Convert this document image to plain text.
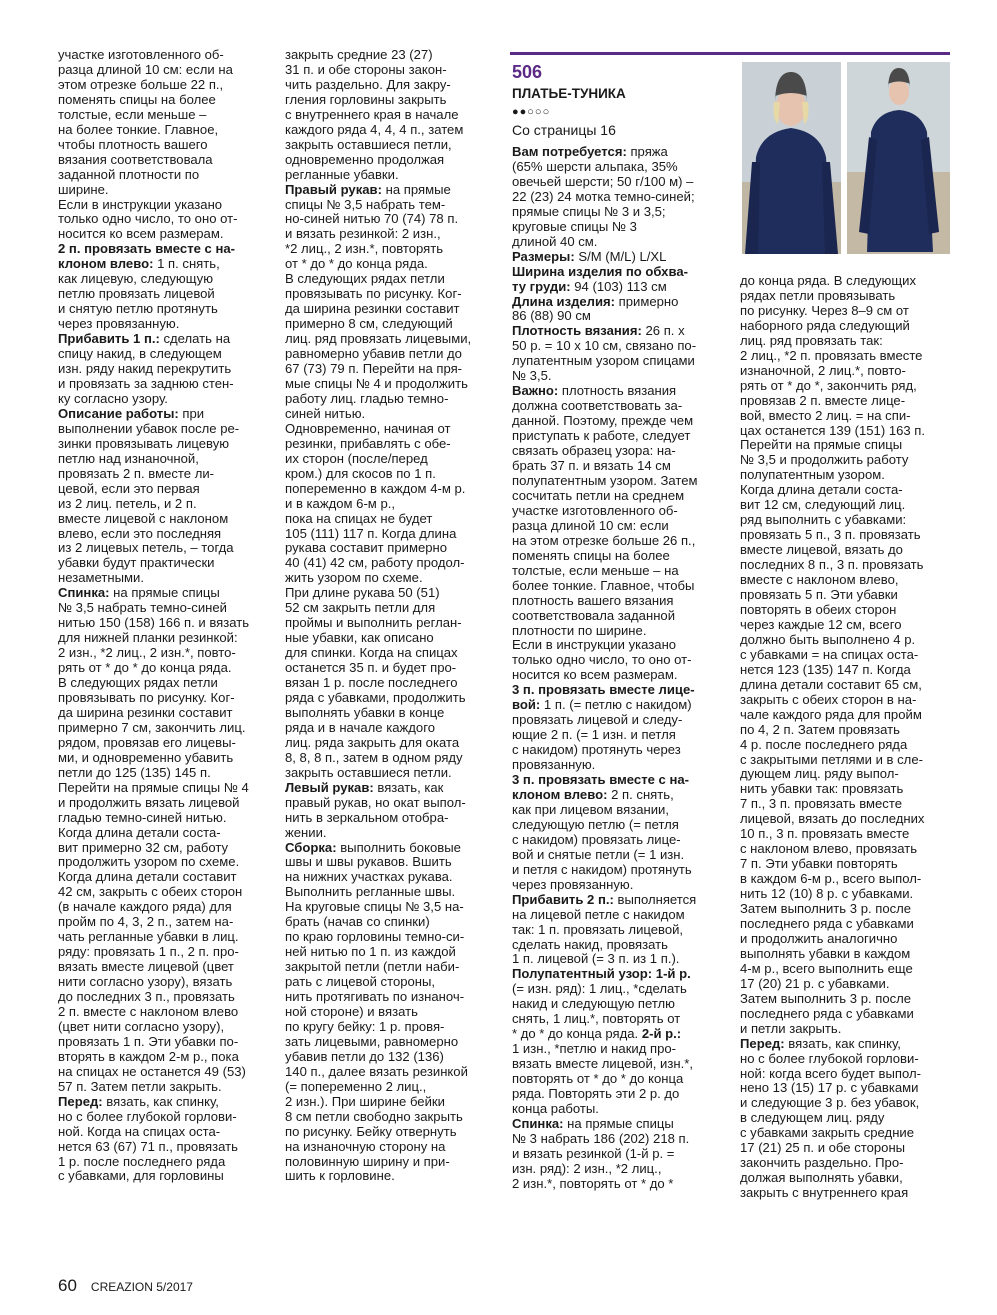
участке изготовленного об-
разца длиной 10 см: если на
этом отрезке больше 22 п.,
поменять спицы на более
толстые, если меньше –
на более тонкие. Главное,
чтобы плотность вашего
вязания соответствовала
заданной плотности по
ширине.
Если в инструкции указано
только одно число, то оно от-
носится ко всем размерам.

2 п. провязать вместе с на-
клоном влево: 1 п. снять,
как лицевую, следующую
петлю провязать лицевой
и снятую петлю протянуть
через провязанную.

Прибавить 1 п.: сделать на
спицу накид, в следующем
изн. ряду накид перекрутить
и провязать за заднюю стен-
ку согласно узору.

Описание работы: при
выполнении убавок после ре-
зинки провязывать лицевую
петлю над изнаночной,
провязать 2 п. вместе ли-
цевой, если это первая
из 2 лиц. петель, и 2 п.
вместе лицевой с наклоном
влево, если это последняя
из 2 лицевых петель, – тогда
убавки будут практически
незаметными.

Спинка: на прямые спицы
№ 3,5 набрать темно-синей
нитью 150 (158) 166 п. и вязать
для нижней планки резинкой:
2 изн., *2 лиц., 2 изн.*, повто-
рять от * до * до конца ряда.
В следующих рядах петли
провязывать по рисунку. Ког-
да ширина резинки составит
примерно 7 см, закончить лиц.
рядом, провязав его лицевы-
ми, и одновременно убавить
петли до 125 (135) 145 п.
Перейти на прямые спицы № 4
и продолжить вязать лицевой
гладью темно-синей нитью.
Когда длина детали соста-
вит примерно 32 см, работу
продолжить узором по схеме.
Когда длина детали составит
42 см, закрыть с обеих сторон
(в начале каждого ряда) для
пройм по 4, 3, 2 п., затем на-
чать регланные убавки в лиц.
ряду: провязать 1 п., 2 п. про-
вязать вместе лицевой (цвет
нити согласно узору), вязать
до последних 3 п., провязать
2 п. вместе с наклоном влево
(цвет нити согласно узору),
провязать 1 п. Эти убавки по-
вторять в каждом 2-м р., пока
на спицах не останется 49 (53)
57 п. Затем петли закрыть.

Перед: вязать, как спинку,
но с более глубокой горлови-
ной. Когда на спицах оста-
нется 63 (67) 71 п., провязать
1 р. после последнего ряда
с убавками, для горловины

закрыть средние 23 (27)
31 п. и обе стороны закон-
чить раздельно. Для закру-
гления горловины закрыть
с внутреннего края в начале
каждого ряда 4, 4, 4 п., затем
закрыть оставшиеся петли,
одновременно продолжая
регланные убавки.

Правый рукав: на прямые
спицы № 3,5 набрать тем-
но-синей нитью 70 (74) 78 п.
и вязать резинкой: 2 изн.,
*2 лиц., 2 изн.*, повторять
от * до * до конца ряда.
В следующих рядах петли
провязывать по рисунку. Ког-
да ширина резинки составит
примерно 8 см, следующий
лиц. ряд провязать лицевыми,
равномерно убавив петли до
67 (73) 79 п. Перейти на пря-
мые спицы № 4 и продолжить
работу лиц. гладью темно-
синей нитью.
Одновременно, начиная от
резинки, прибавлять с обе-
их сторон (после/перед
кром.) для скосов по 1 п.
попеременно в каждом 4-м р.
и в каждом 6-м р.,
пока на спицах не будет
105 (111) 117 п. Когда длина
рукава составит примерно
40 (41) 42 см, работу продол-
жить узором по схеме.
При длине рукава 50 (51)
52 см закрыть петли для
проймы и выполнить реглан-
ные убавки, как описано
для спинки. Когда на спицах
останется 35 п. и будет про-
вязан 1 р. после последнего
ряда с убавками, продолжить
выполнять убавки в конце
ряда и в начале каждого
лиц. ряда закрыть для оката
8, 8, 8 п., затем в одном ряду
закрыть оставшиеся петли.

Левый рукав: вязать, как
правый рукав, но окат выпол-
нить в зеркальном отобра-
жении.

Сборка: выполнить боковые
швы и швы рукавов. Вшить
на нижних участках рукава.
Выполнить регланные швы.
На круговые спицы № 3,5 на-
брать (начав со спинки)
по краю горловины темно-си-
ней нитью по 1 п. из каждой
закрытой петли (петли наби-
рать с лицевой стороны,
нить протягивать по изнаноч-
ной стороне) и вязать
по кругу бейку: 1 р. провя-
зать лицевыми, равномерно
убавив петли до 132 (136)
140 п., далее вязать резинкой
(= попеременно 2 лиц.,
2 изн.). При ширине бейки
8 см петли свободно закрыть
по рисунку. Бейку отвернуть
на изнаночную сторону на
половинную ширину и при-
шить к горловине.

506
ПЛАТЬЕ-ТУНИКА
●●○○○
Со страницы 16

Вам потребуется: пряжа
(65% шерсти альпака, 35%
овечьей шерсти; 50 г/100 м) –
22 (23) 24 мотка темно-синей;
прямые спицы № 3 и 3,5;
круговые спицы № 3
длиной 40 см.

Размеры: S/M (M/L) L/XL

Ширина изделия по обхва-
ту груди: 94 (103) 113 см

Длина изделия: примерно
86 (88) 90 см

Плотность вязания: 26 п. х
50 р. = 10 х 10 см, связано по-
лупатентным узором спицами
№ 3,5.

Важно: плотность вязания
должна соответствовать за-
данной. Поэтому, прежде чем
приступать к работе, следует
связать образец узора: на-
брать 37 п. и вязать 14 см
полупатентным узором. Затем
сосчитать петли на среднем
участке изготовленного об-
разца длиной 10 см: если
на этом отрезке больше 26 п.,
поменять спицы на более
толстые, если меньше – на
более тонкие. Главное, чтобы
плотность вашего вязания
соответствовала заданной
плотности по ширине.
Если в инструкции указано
только одно число, то оно от-
носится ко всем размерам.

3 п. провязать вместе лице-
вой: 1 п. (= петлю с накидом)
провязать лицевой и следу-
ющие 2 п. (= 1 изн. и петля
с накидом) протянуть через
провязанную.

3 п. провязать вместе с на-
клоном влево: 2 п. снять,
как при лицевом вязании,
следующую петлю (= петля
с накидом) провязать лице-
вой и снятые петли (= 1 изн.
и петля с накидом) протянуть
через провязанную.

Прибавить 2 п.: выполняется
на лицевой петле с накидом
так: 1 п. провязать лицевой,
сделать накид, провязать
1 п. лицевой (= 3 п. из 1 п.).

Полупатентный узор: 1-й р.
(= изн. ряд): 1 лиц., *сделать
накид и следующую петлю
снять, 1 лиц.*, повторять от
* до * до конца ряда. 2-й р.:
1 изн., *петлю и накид про-
вязать вместе лицевой, изн.*,
повторять от * до * до конца
ряда. Повторять эти 2 р. до
конца работы.

Спинка: на прямые спицы
№ 3 набрать 186 (202) 218 п.
и вязать резинкой (1-й р. =
изн. ряд): 2 изн., *2 лиц.,
2 изн.*, повторять от * до *

до конца ряда. В следующих
рядах петли провязывать
по рисунку. Через 8–9 см от
наборного ряда следующий
лиц. ряд провязать так:
2 лиц., *2 п. провязать вместе
изнаночной, 2 лиц.*, повто-
рять от * до *, закончить ряд,
провязав 2 п. вместе лице-
вой, вместо 2 лиц. = на спи-
цах останется 139 (151) 163 п.
Перейти на прямые спицы
№ 3,5 и продолжить работу
полупатентным узором.
Когда длина детали соста-
вит 12 см, следующий лиц.
ряд выполнить с убавками:
провязать 5 п., 3 п. провязать
вместе лицевой, вязать до
последних 8 п., 3 п. провязать
вместе с наклоном влево,
провязать 5 п. Эти убавки
повторять в обеих сторон
через каждые 12 см, всего
должно быть выполнено 4 р.
с убавками = на спицах оста-
нется 123 (135) 147 п. Когда
длина детали составит 65 см,
закрыть с обеих сторон в на-
чале каждого ряда для пройм
по 4, 2 п. Затем провязать
4 р. после последнего ряда
с закрытыми петлями и в сле-
дующем лиц. ряду выпол-
нить убавки так: провязать
7 п., 3 п. провязать вместе
лицевой, вязать до последних
10 п., 3 п. провязать вместе
с наклоном влево, провязать
7 п. Эти убавки повторять
в каждом 6-м р., всего выпол-
нить 12 (10) 8 р. с убавками.
Затем выполнить 3 р. после
последнего ряда с убавками
и продолжить аналогично
выполнять убавки в каждом
4-м р., всего выполнить еще
17 (20) 21 р. с убавками.
Затем выполнить 3 р. после
последнего ряда с убавками
и петли закрыть.

Перед: вязать, как спинку,
но с более глубокой горлови-
ной: когда всего будет выпол-
нено 13 (15) 17 р. с убавками
и следующие 3 р. без убавок,
в следующем лиц. ряду
с убавками закрыть средние
17 (21) 25 п. и обе стороны
закончить раздельно. Про-
должая выполнять убавки,
закрыть с внутреннего края

60 CREAZION 5/2017
